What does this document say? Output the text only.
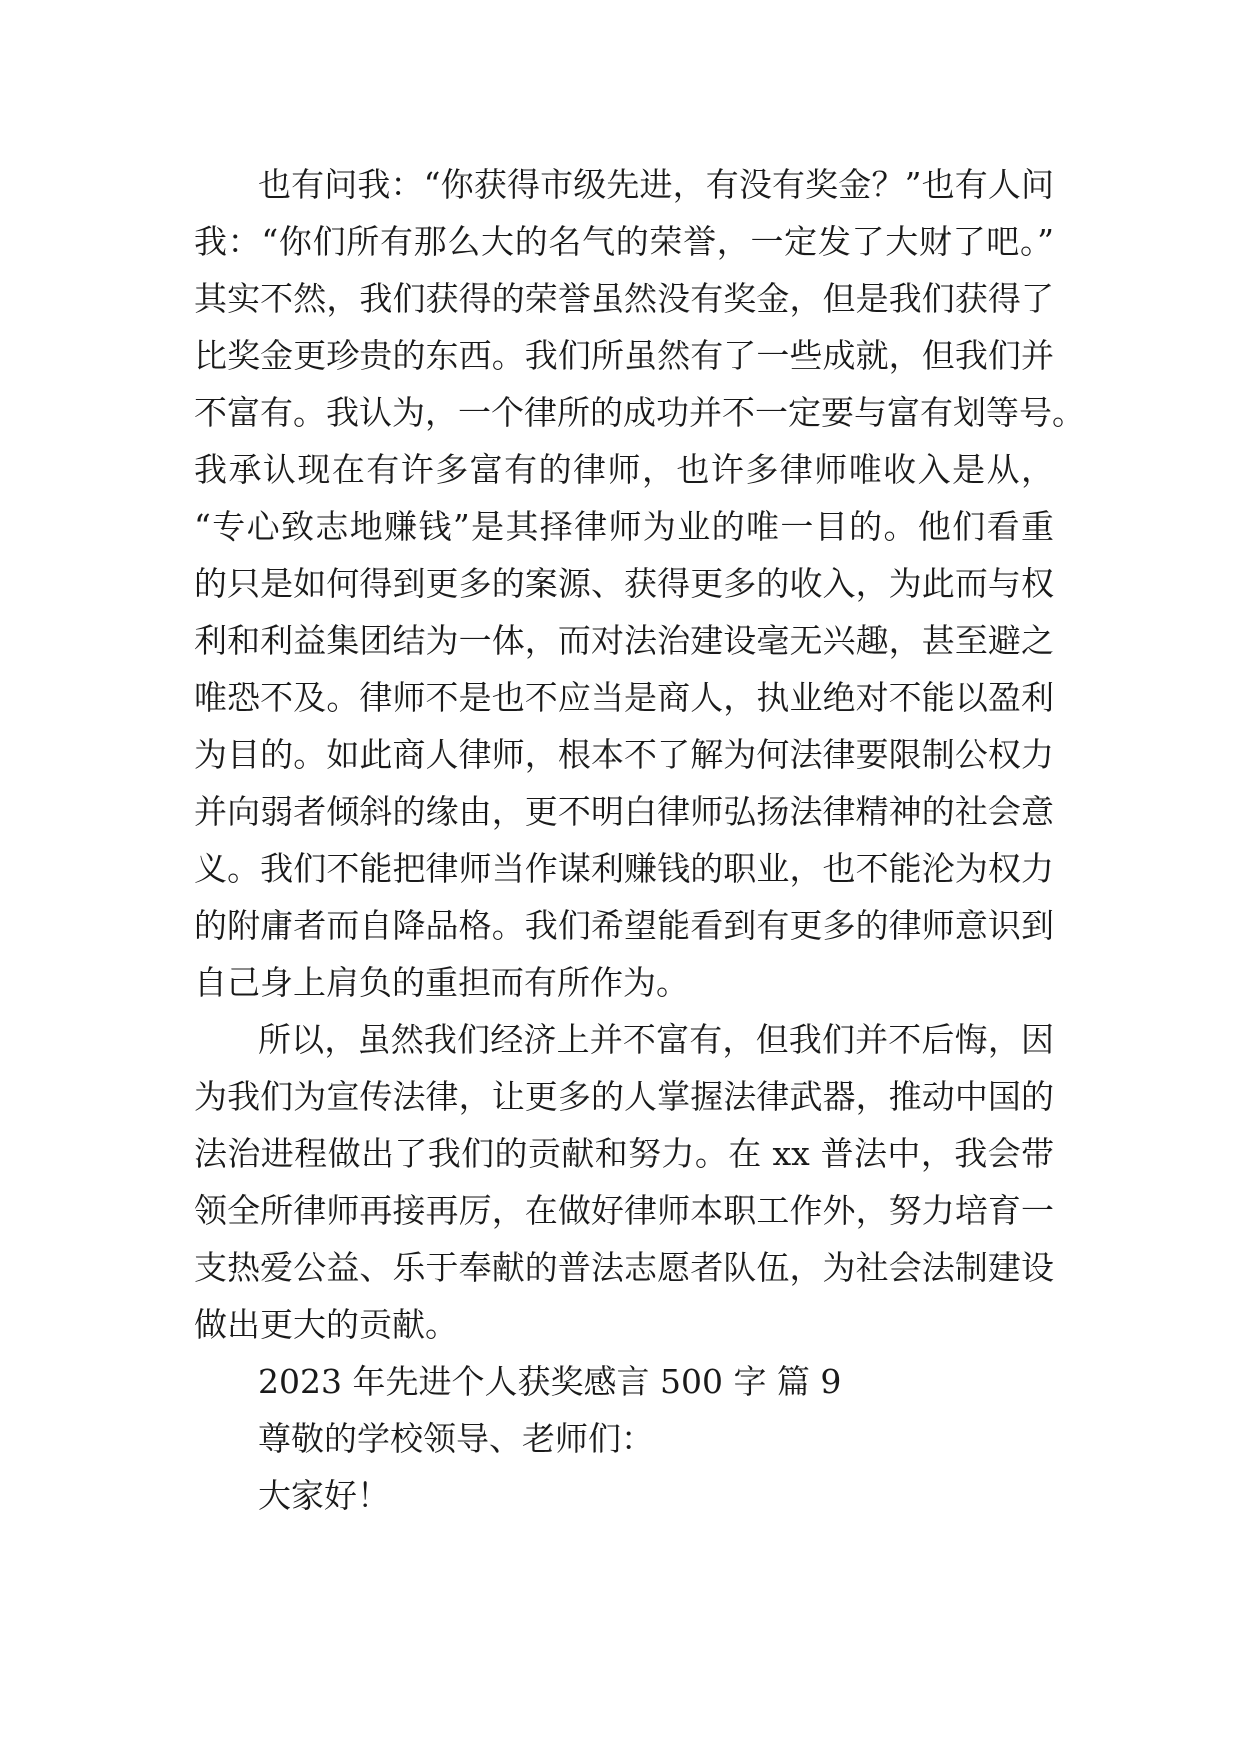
也有问我：“你获得市级先进，有没有奖金？”也有人问
我：“你们所有那么大的名气的荣誉，一定发了大财了吧。”
其实不然，我们获得的荣誉虽然没有奖金，但是我们获得了
比奖金更珍贵的东西。我们所虽然有了一些成就，但我们并
不富有。我认为，一个律所的成功并不一定要与富有划等号。
我承认现在有许多富有的律师，也许多律师唯收入是从，
“专心致志地赚钱”是其择律师为业的唯一目的。他们看重
的只是如何得到更多的案源、获得更多的收入，为此而与权
利和利益集团结为一体，而对法治建设毫无兴趣，甚至避之
唯恐不及。律师不是也不应当是商人，执业绝对不能以盈利
为目的。如此商人律师，根本不了解为何法律要限制公权力
并向弱者倾斜的缘由，更不明白律师弘扬法律精神的社会意
义。我们不能把律师当作谋利赚钱的职业，也不能沦为权力
的附庸者而自降品格。我们希望能看到有更多的律师意识到
自己身上肩负的重担而有所作为。
所以，虽然我们经济上并不富有，但我们并不后悔，因
为我们为宣传法律，让更多的人掌握法律武器，推动中国的
法治进程做出了我们的贡献和努力。在 xx 普法中，我会带
领全所律师再接再厉，在做好律师本职工作外，努力培育一
支热爱公益、乐于奉献的普法志愿者队伍，为社会法制建设
做出更大的贡献。
2023 年先进个人获奖感言 500 字 篇 9
尊敬的学校领导、老师们：
大家好！
